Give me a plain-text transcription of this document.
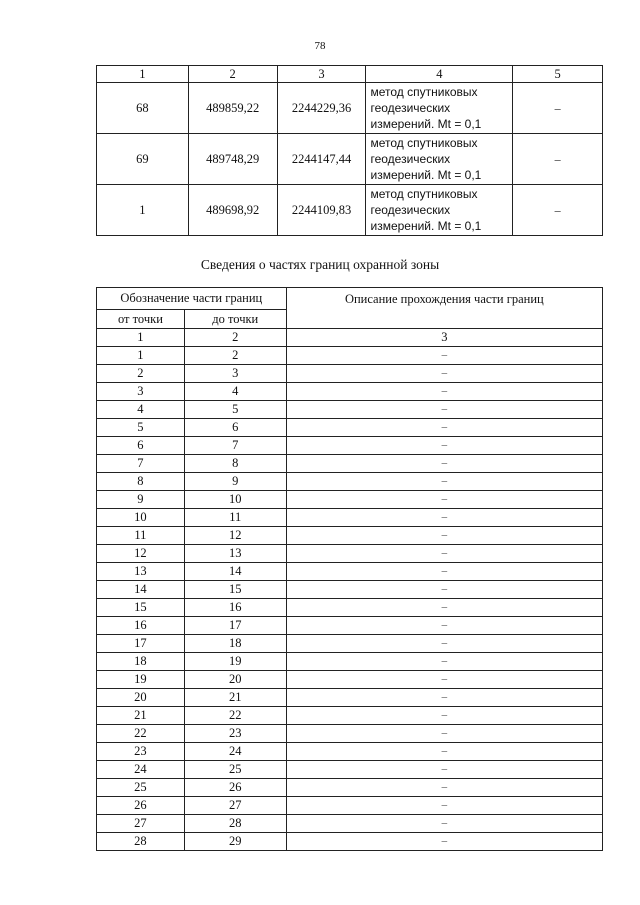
78
1	2	3	4	5
68	489859,22	2244229,36	метод спутниковых
геодезических
измерений. Mt = 0,1	–
69	489748,29	2244147,44	метод спутниковых
геодезических
измерений. Mt = 0,1	–
1	489698,92	2244109,83	метод спутниковых
геодезических
измерений. Mt = 0,1	–
Сведения о частях границ охранной зоны
Обозначение части границ		Описание прохождения части границ
от точки	до точки	
1	2	3
1	2	–
2	3	–
3	4	–
4	5	–
5	6	–
6	7	–
7	8	–
8	9	–
9	10	–
10	11	–
11	12	–
12	13	–
13	14	–
14	15	–
15	16	–
16	17	–
17	18	–
18	19	–
19	20	–
20	21	–
21	22	–
22	23	–
23	24	–
24	25	–
25	26	–
26	27	–
27	28	–
28	29	–
